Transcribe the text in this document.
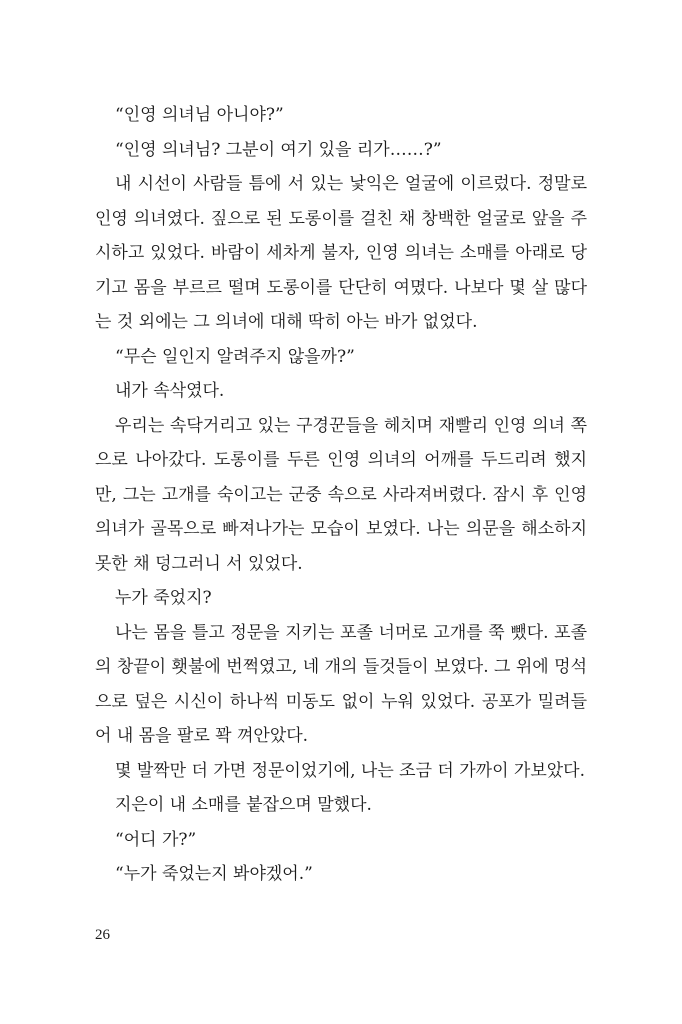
“인영 의녀님 아니야?”

“인영 의녀님? 그분이 여기 있을 리가……?”

내 시선이 사람들 틈에 서 있는 낯익은 얼굴에 이르렀다. 정말로 인영 의녀였다. 짚으로 된 도롱이를 걸친 채 창백한 얼굴로 앞을 주시하고 있었다. 바람이 세차게 불자, 인영 의녀는 소매를 아래로 당기고 몸을 부르르 떨며 도롱이를 단단히 여몄다. 나보다 몇 살 많다는 것 외에는 그 의녀에 대해 딱히 아는 바가 없었다.

“무슨 일인지 알려주지 않을까?”

내가 속삭였다.

우리는 속닥거리고 있는 구경꾼들을 헤치며 재빨리 인영 의녀 쪽으로 나아갔다. 도롱이를 두른 인영 의녀의 어깨를 두드리려 했지만, 그는 고개를 숙이고는 군중 속으로 사라져버렸다. 잠시 후 인영 의녀가 골목으로 빠져나가는 모습이 보였다. 나는 의문을 해소하지 못한 채 덩그러니 서 있었다.

누가 죽었지?

나는 몸을 틀고 정문을 지키는 포졸 너머로 고개를 쭉 뺐다. 포졸의 창끝이 횃불에 번쩍였고, 네 개의 들것들이 보였다. 그 위에 멍석으로 덮은 시신이 하나씩 미동도 없이 누워 있었다. 공포가 밀려들어 내 몸을 팔로 꽉 껴안았다.

몇 발짝만 더 가면 정문이었기에, 나는 조금 더 가까이 가보았다.

지은이 내 소매를 붙잡으며 말했다.

“어디 가?”

“누가 죽었는지 봐야겠어.”

26
